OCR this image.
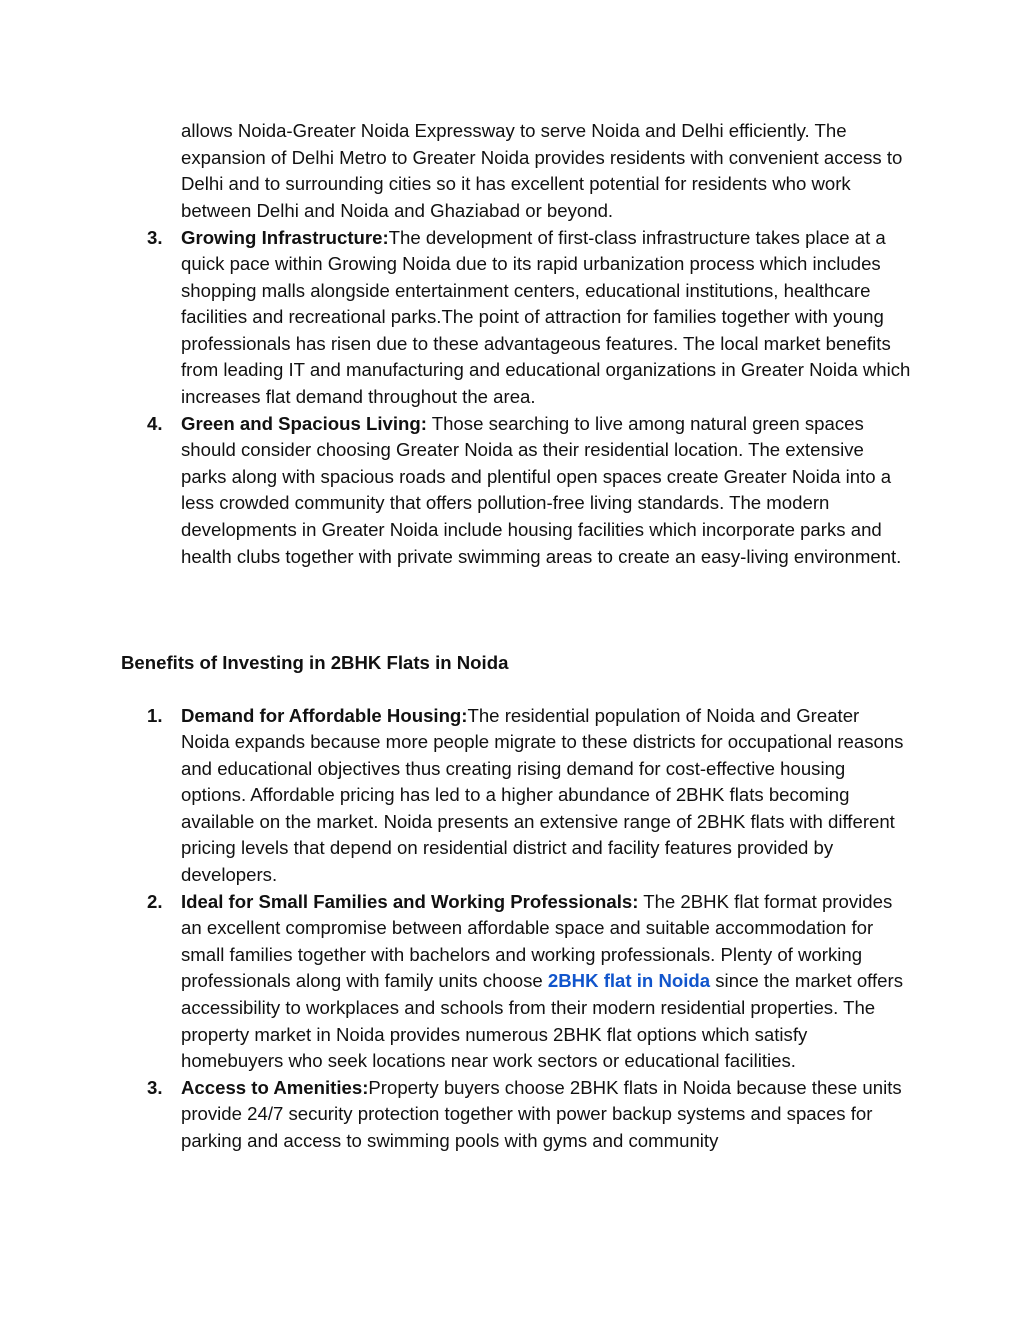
allows Noida-Greater Noida Expressway to serve Noida and Delhi efficiently. The expansion of Delhi Metro to Greater Noida provides residents with convenient access to Delhi and to surrounding cities so it has excellent potential for residents who work between Delhi and Noida and Ghaziabad or beyond.

3. Growing Infrastructure:The development of first-class infrastructure takes place at a quick pace within Growing Noida due to its rapid urbanization process which includes shopping malls alongside entertainment centers, educational institutions, healthcare facilities and recreational parks.The point of attraction for families together with young professionals has risen due to these advantageous features. The local market benefits from leading IT and manufacturing and educational organizations in Greater Noida which increases flat demand throughout the area.
4. Green and Spacious Living: Those searching to live among natural green spaces should consider choosing Greater Noida as their residential location. The extensive parks along with spacious roads and plentiful open spaces create Greater Noida into a less crowded community that offers pollution-free living standards. The modern developments in Greater Noida include housing facilities which incorporate parks and health clubs together with private swimming areas to create an easy-living environment.
Benefits of Investing in 2BHK Flats in Noida
1. Demand for Affordable Housing:The residential population of Noida and Greater Noida expands because more people migrate to these districts for occupational reasons and educational objectives thus creating rising demand for cost-effective housing options. Affordable pricing has led to a higher abundance of 2BHK flats becoming available on the market. Noida presents an extensive range of 2BHK flats with different pricing levels that depend on residential district and facility features provided by developers.
2. Ideal for Small Families and Working Professionals: The 2BHK flat format provides an excellent compromise between affordable space and suitable accommodation for small families together with bachelors and working professionals. Plenty of working professionals along with family units choose 2BHK flat in Noida since the market offers accessibility to workplaces and schools from their modern residential properties. The property market in Noida provides numerous 2BHK flat options which satisfy homebuyers who seek locations near work sectors or educational facilities.
3. Access to Amenities:Property buyers choose 2BHK flats in Noida because these units provide 24/7 security protection together with power backup systems and spaces for parking and access to swimming pools with gyms and community
